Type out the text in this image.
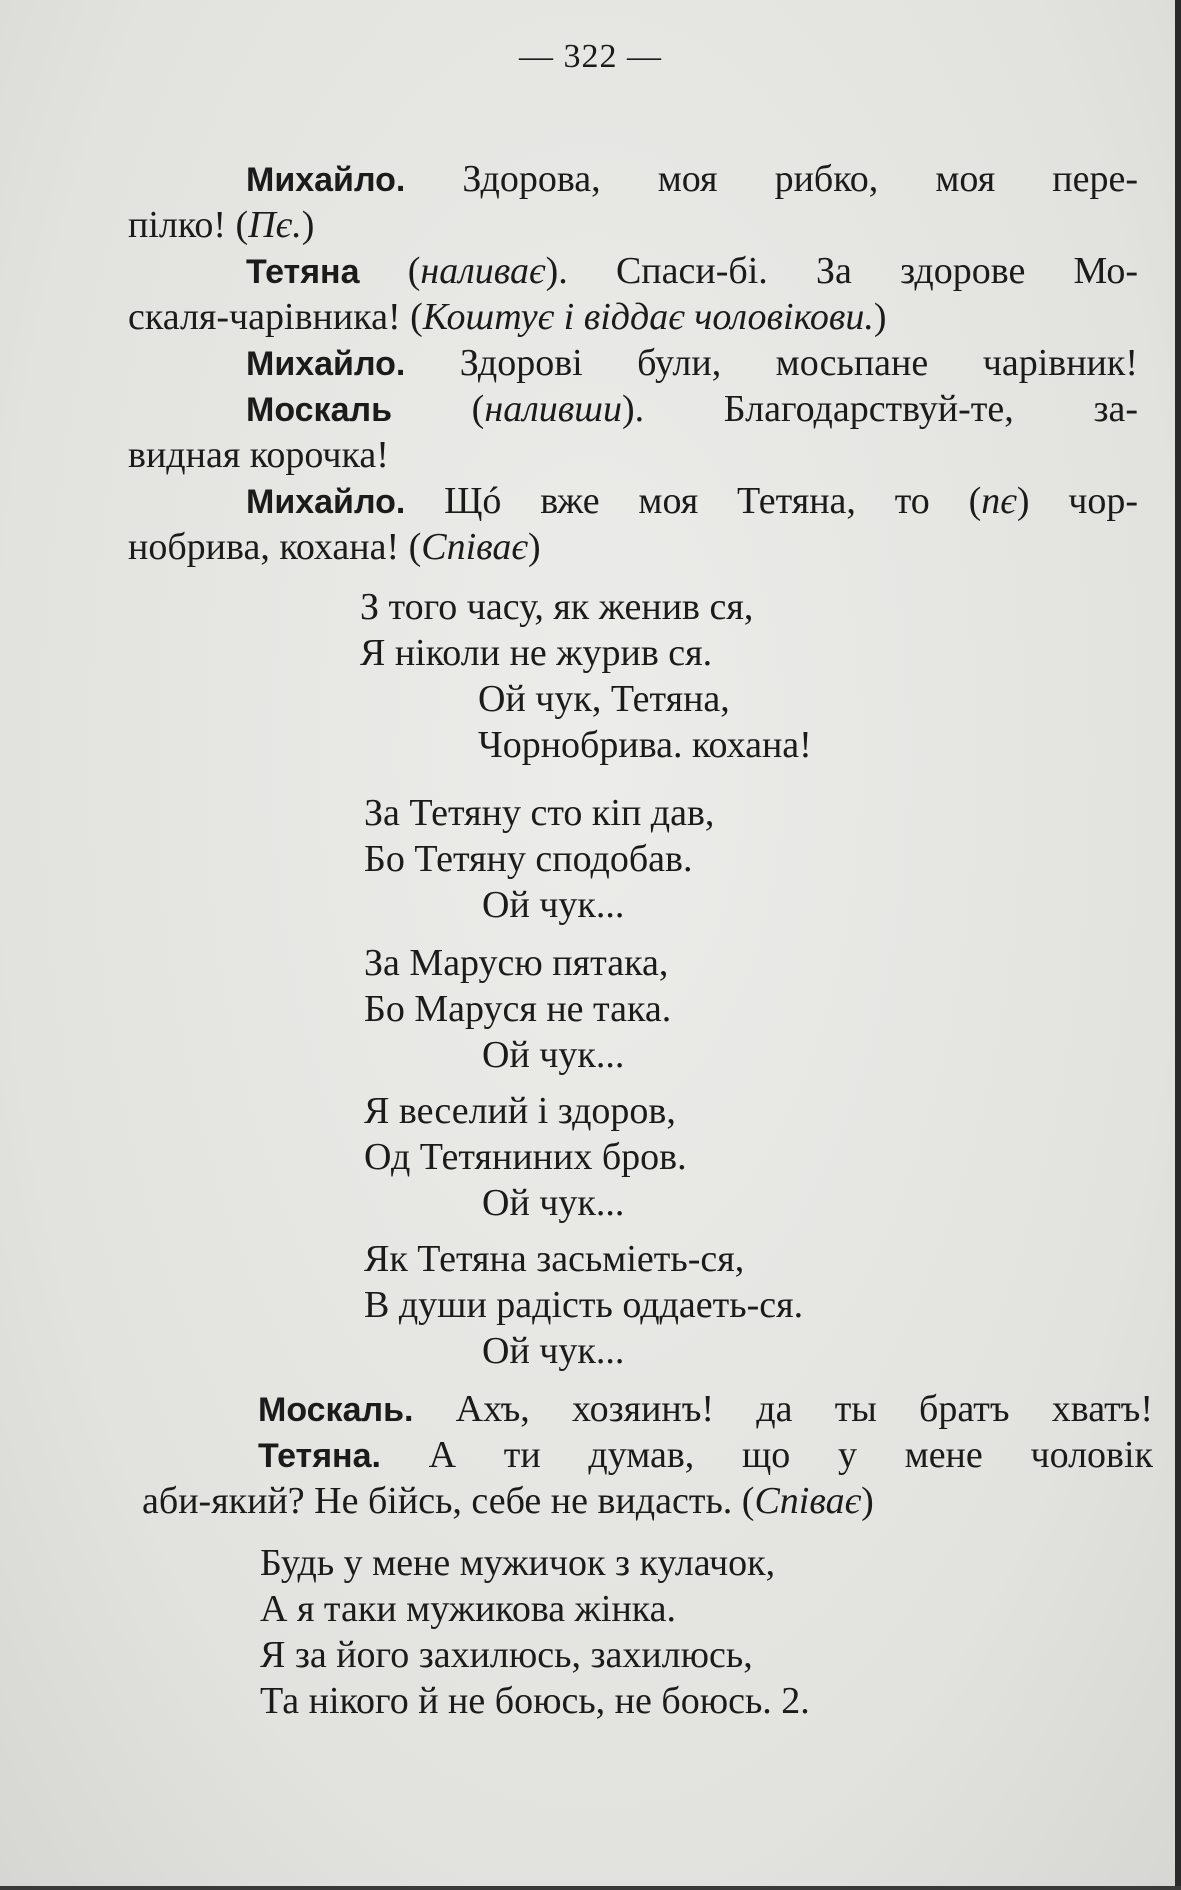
— 322 —
Михайло. Здорова, моя рибко, моя пере-
пілко! (Пє.)
Тетяна (наливає). Спаси-бі. За здорове Мо-
скаля-чарівника! (Коштує і віддає чоловікови.)
Михайло. Здорові були, мосьпане чарівник!
Москаль (наливши). Благодарствуй-те, за-
видная корочка!
Михайло. Щó вже моя Тетяна, то (пє) чор-
нобрива, кохана! (Співає)
З того часу, як женив ся,
Я ніколи не журив ся.
Ой чук, Тетяна,
Чорнобрива. кохана!
За Тетяну сто кіп дав,
Бо Тетяну сподобав.
Ой чук...
За Марусю пятака,
Бо Маруся не така.
Ой чук...
Я веселий і здоров,
Од Тетяниних бров.
Ой чук...
Як Тетяна засьміеть-ся,
В души радість оддаеть-ся.
Ой чук...
Москаль. Ахъ, хозяинъ! да ты братъ хватъ!
Тетяна. А ти думав, що у мене чоловік
аби-який? Не бійсь, себе не видасть. (Співає)
Будь у мене мужичок з кулачок,
А я таки мужикова жінка.
Я за його захилюсь, захилюсь,
Та нікого й не боюсь, не боюсь. 2.
